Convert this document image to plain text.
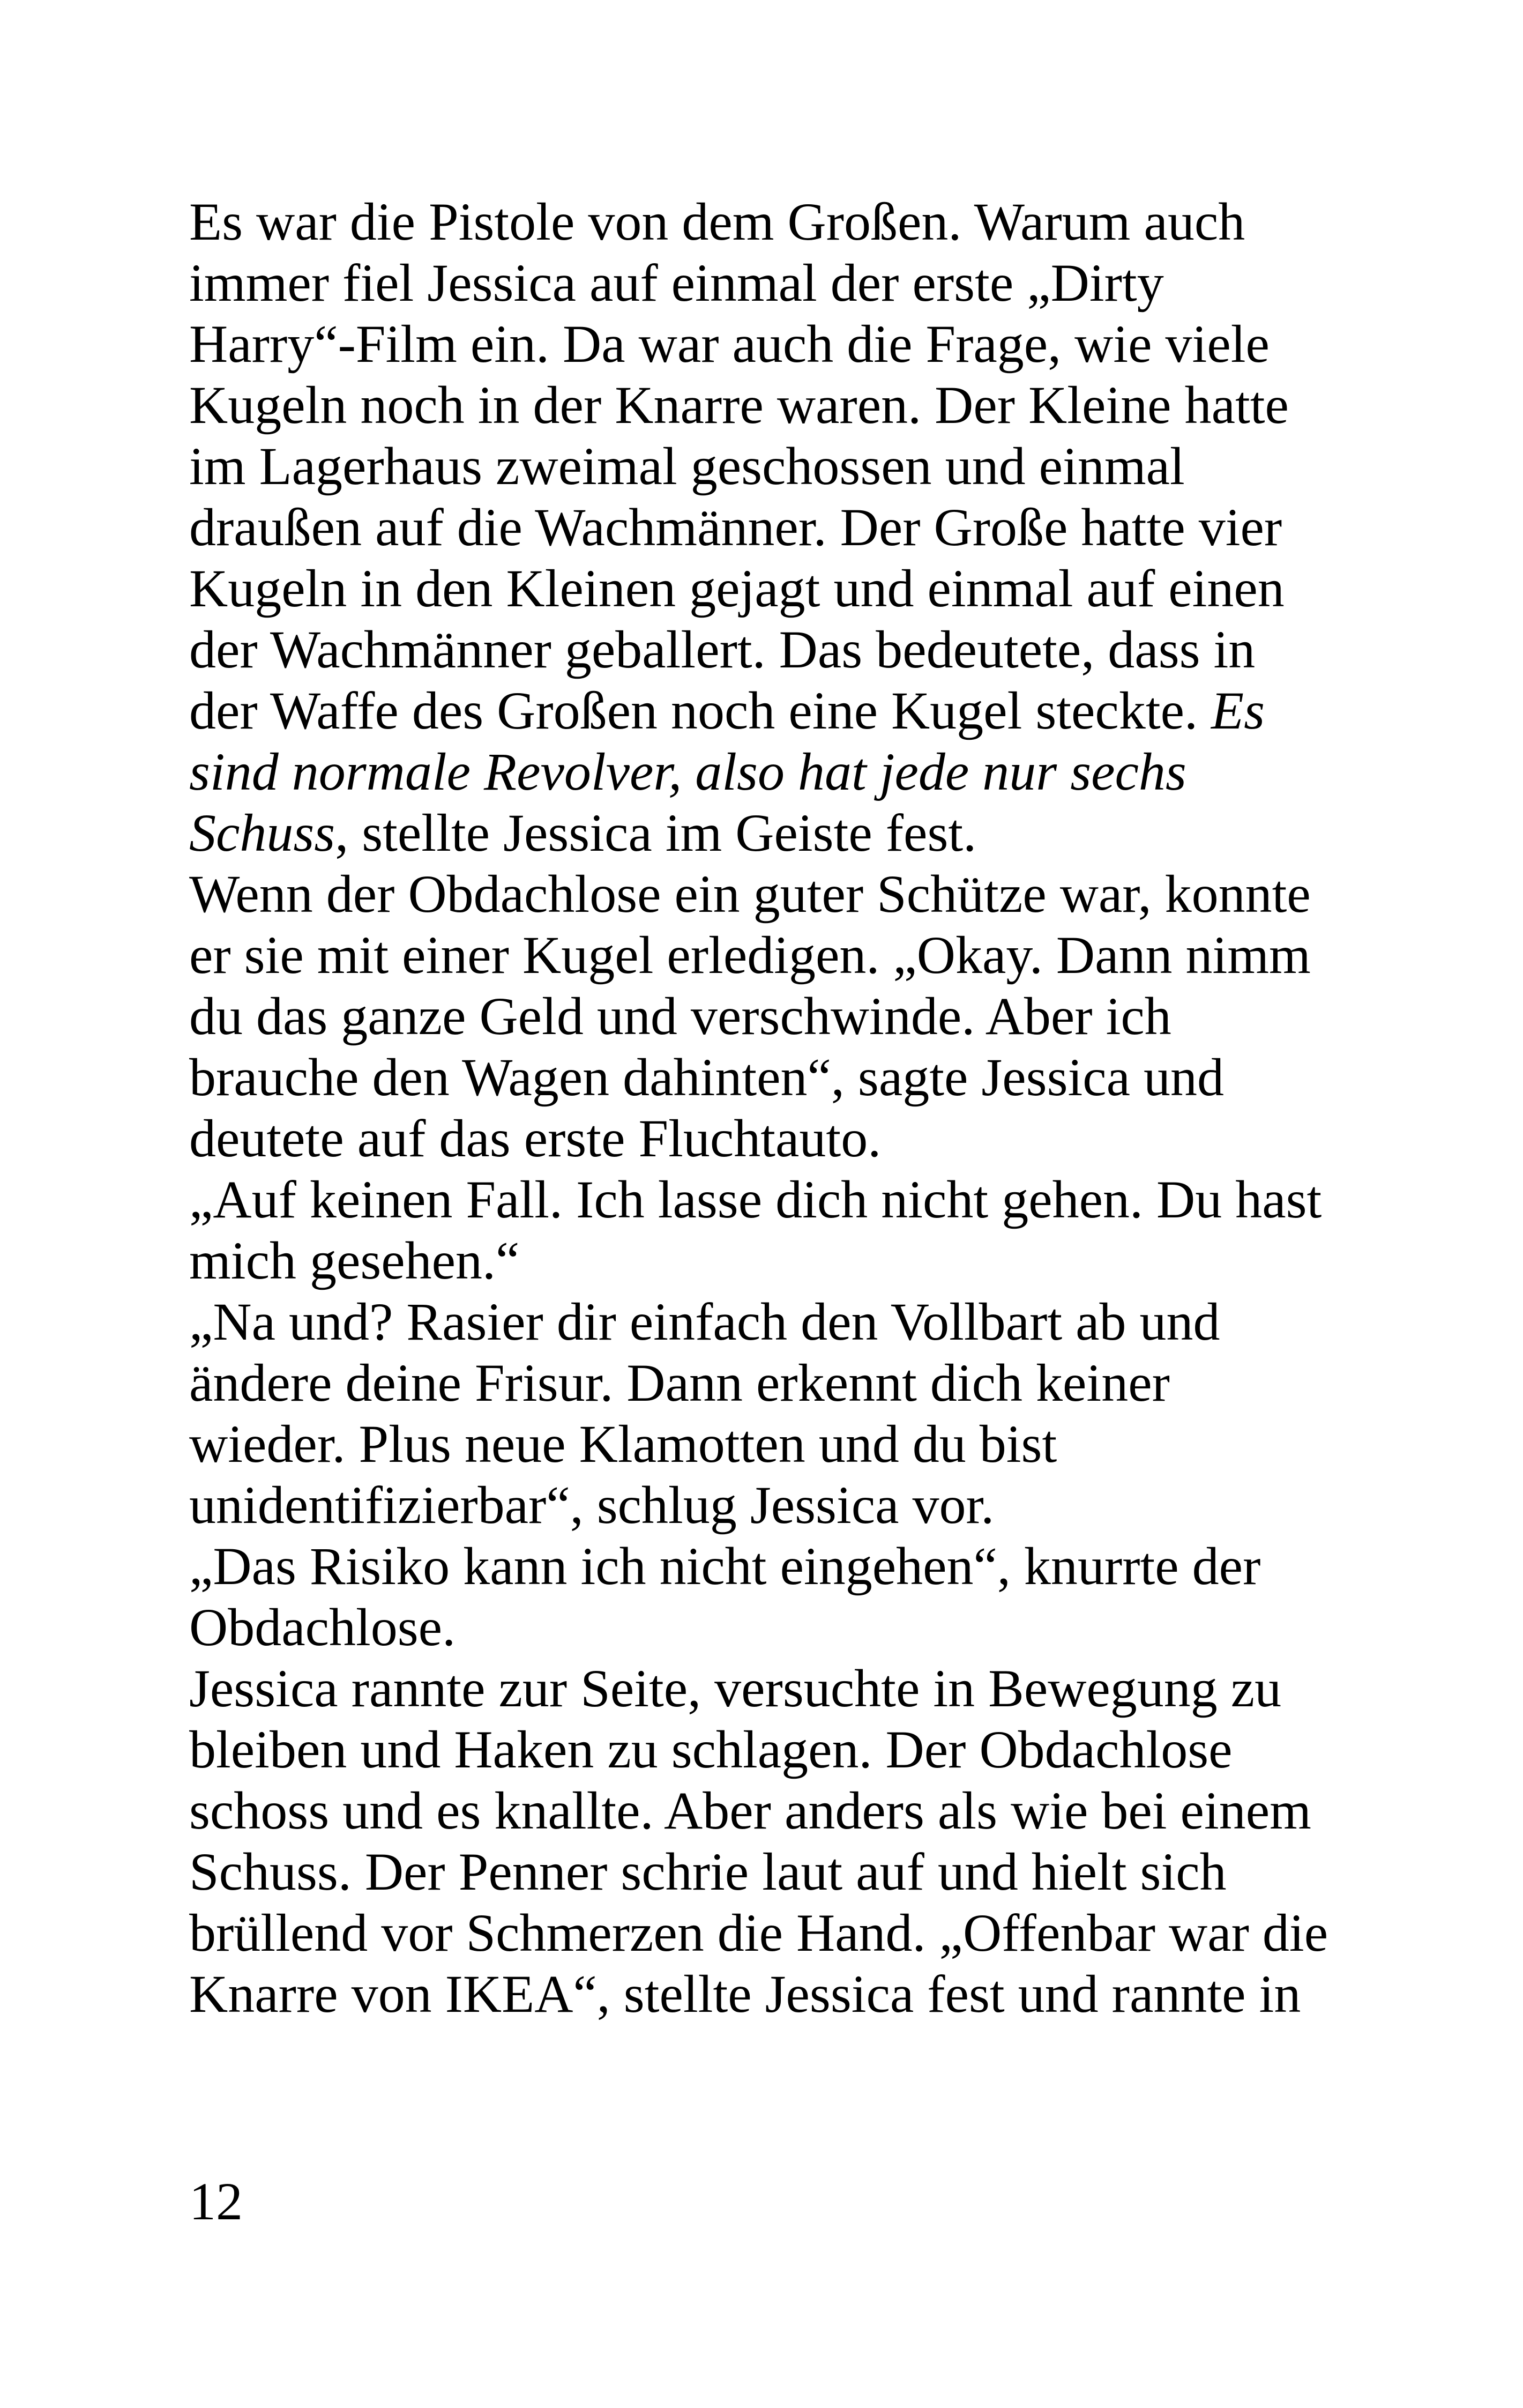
Es war die Pistole von dem Großen. Warum auch
immer fiel Jessica auf einmal der erste „Dirty
Harry“-Film ein. Da war auch die Frage, wie viele
Kugeln noch in der Knarre waren. Der Kleine hatte
im Lagerhaus zweimal geschossen und einmal
draußen auf die Wachmänner. Der Große hatte vier
Kugeln in den Kleinen gejagt und einmal auf einen
der Wachmänner geballert. Das bedeutete, dass in
der Waffe des Großen noch eine Kugel steckte. Es
sind normale Revolver, also hat jede nur sechs
Schuss, stellte Jessica im Geiste fest.
Wenn der Obdachlose ein guter Schütze war, konnte
er sie mit einer Kugel erledigen. „Okay. Dann nimm
du das ganze Geld und verschwinde. Aber ich
brauche den Wagen dahinten“, sagte Jessica und
deutete auf das erste Fluchtauto.
„Auf keinen Fall. Ich lasse dich nicht gehen. Du hast
mich gesehen.“
„Na und? Rasier dir einfach den Vollbart ab und
ändere deine Frisur. Dann erkennt dich keiner
wieder. Plus neue Klamotten und du bist
unidentifizierbar“, schlug Jessica vor.
„Das Risiko kann ich nicht eingehen“, knurrte der
Obdachlose.
Jessica rannte zur Seite, versuchte in Bewegung zu
bleiben und Haken zu schlagen. Der Obdachlose
schoss und es knallte. Aber anders als wie bei einem
Schuss. Der Penner schrie laut auf und hielt sich
brüllend vor Schmerzen die Hand. „Offenbar war die
Knarre von IKEA“, stellte Jessica fest und rannte in
12
